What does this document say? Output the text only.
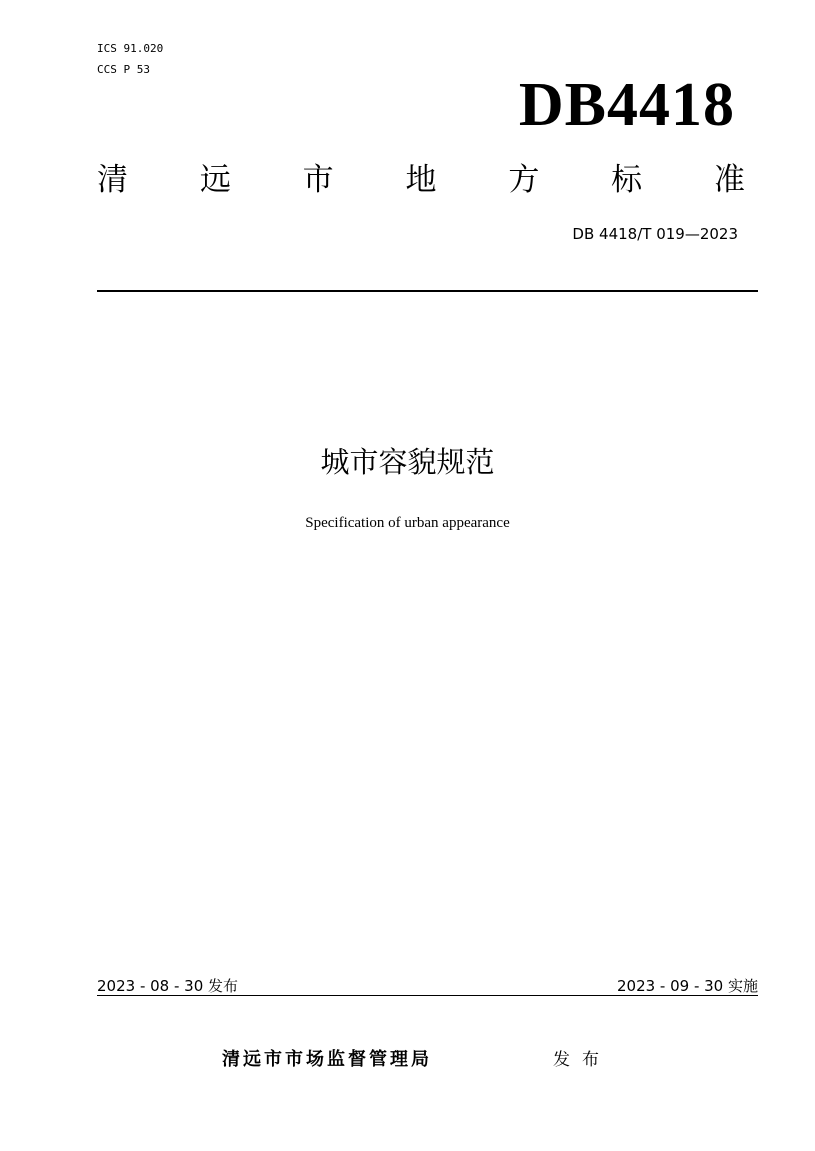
ICS 91.020
CCS P 53
DB4418
清 远 市 地 方 标 准
DB 4418/T 019—2023
城市容貌规范
Specification of urban appearance
2023 - 08 - 30 发布	2023 - 09 - 30 实施
清远市市场监督管理局	发布
